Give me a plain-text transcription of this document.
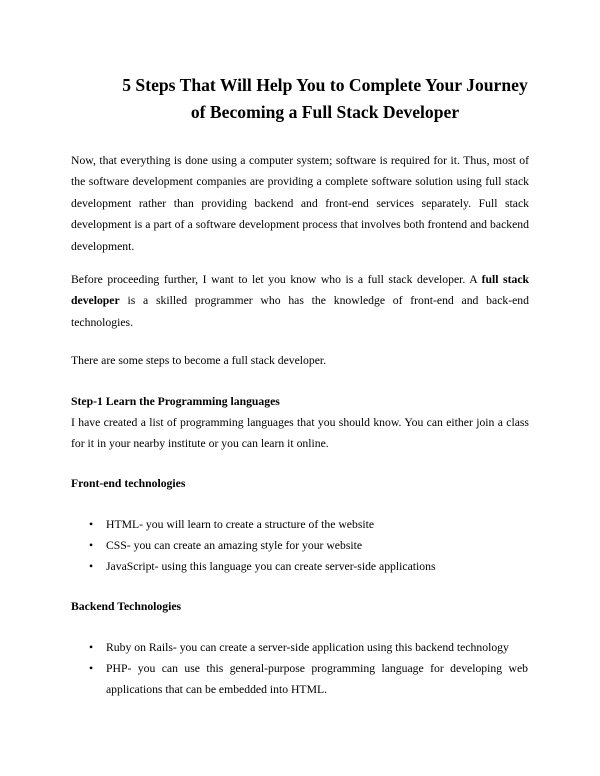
5 Steps That Will Help You to Complete Your Journey
of Becoming a Full Stack Developer

Now, that everything is done using a computer system; software is required for it. Thus, most of the software development companies are providing a complete software solution using full stack development rather than providing backend and front-end services separately. Full stack development is a part of a software development process that involves both frontend and backend development.

Before proceeding further, I want to let you know who is a full stack developer. A full stack developer is a skilled programmer who has the knowledge of front-end and back-end technologies.

There are some steps to become a full stack developer.

Step-1 Learn the Programming languages

I have created a list of programming languages that you should know. You can either join a class for it in your nearby institute or you can learn it online.

Front-end technologies

• HTML- you will learn to create a structure of the website
• CSS- you can create an amazing style for your website
• JavaScript- using this language you can create server-side applications

Backend Technologies

• Ruby on Rails- you can create a server-side application using this backend technology
• PHP- you can use this general-purpose programming language for developing web applications that can be embedded into HTML.
